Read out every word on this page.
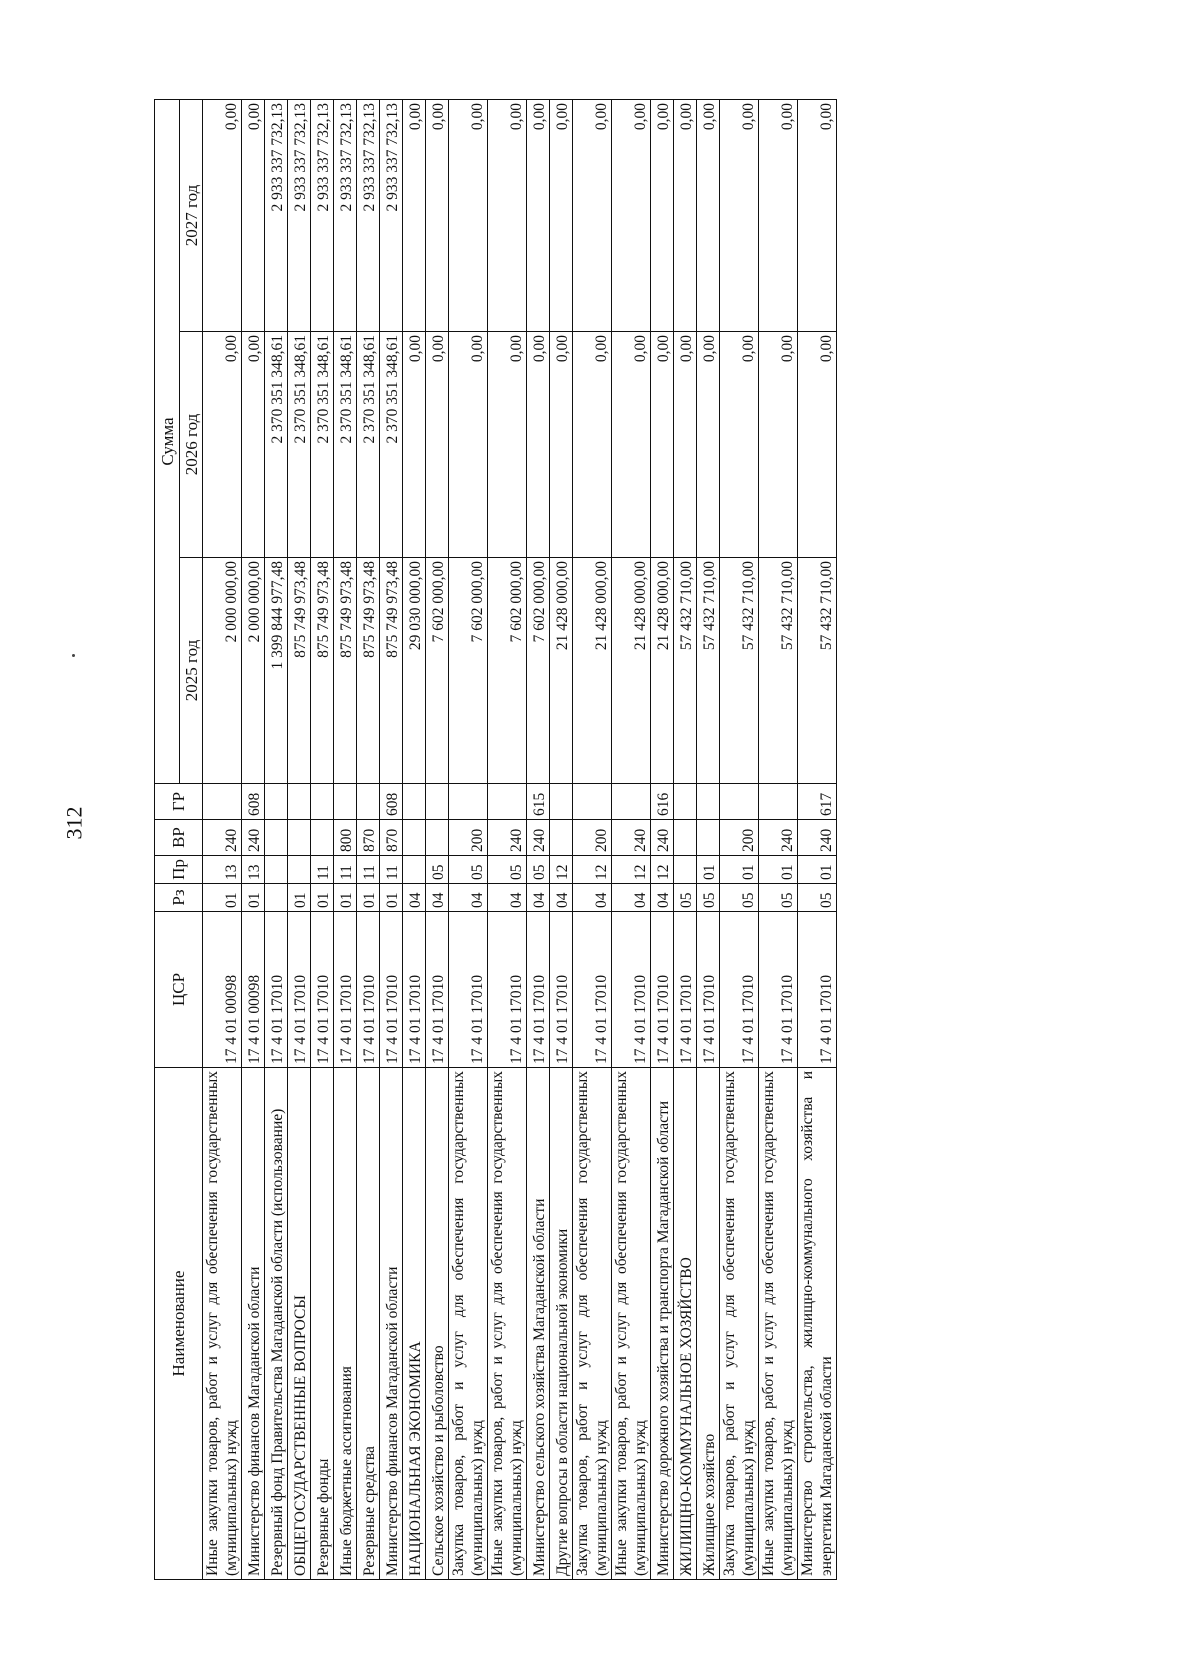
312
Наименование	ЦСР	Рз	Пр	ВР	ГР	Сумма		
						2025 год	2026 год	2027 год
Иные закупки товаров, работ и услуг для обеспечения государственных (муниципальных) нужд	17 4 01 00098	01	13	240		2 000 000,00	0,00	0,00
Министерство финансов Магаданской области	17 4 01 00098	01	13	240	608	2 000 000,00	0,00	0,00
Резервный фонд Правительства Магаданской области (использование)	17 4 01 17010					1 399 844 977,48	2 370 351 348,61	2 933 337 732,13
ОБЩЕГОСУДАРСТВЕННЫЕ ВОПРОСЫ	17 4 01 17010	01				875 749 973,48	2 370 351 348,61	2 933 337 732,13
Резервные фонды	17 4 01 17010	01	11			875 749 973,48	2 370 351 348,61	2 933 337 732,13
Иные бюджетные ассигнования	17 4 01 17010	01	11	800		875 749 973,48	2 370 351 348,61	2 933 337 732,13
Резервные средства	17 4 01 17010	01	11	870		875 749 973,48	2 370 351 348,61	2 933 337 732,13
Министерство финансов Магаданской области	17 4 01 17010	01	11	870	608	875 749 973,48	2 370 351 348,61	2 933 337 732,13
НАЦИОНАЛЬНАЯ ЭКОНОМИКА	17 4 01 17010	04				29 030 000,00	0,00	0,00
Сельское хозяйство и рыболовство	17 4 01 17010	04	05			7 602 000,00	0,00	0,00
Закупка товаров, работ и услуг для обеспечения государственных (муниципальных) нужд	17 4 01 17010	04	05	200		7 602 000,00	0,00	0,00
Иные закупки товаров, работ и услуг для обеспечения государственных (муниципальных) нужд	17 4 01 17010	04	05	240		7 602 000,00	0,00	0,00
Министерство сельского хозяйства Магаданской области	17 4 01 17010	04	05	240	615	7 602 000,00	0,00	0,00
Другие вопросы в области национальной экономики	17 4 01 17010	04	12			21 428 000,00	0,00	0,00
Закупка товаров, работ и услуг для обеспечения государственных (муниципальных) нужд	17 4 01 17010	04	12	200		21 428 000,00	0,00	0,00
Иные закупки товаров, работ и услуг для обеспечения государственных (муниципальных) нужд	17 4 01 17010	04	12	240		21 428 000,00	0,00	0,00
Министерство дорожного хозяйства и транспорта Магаданской области	17 4 01 17010	04	12	240	616	21 428 000,00	0,00	0,00
ЖИЛИЩНО-КОММУНАЛЬНОЕ ХОЗЯЙСТВО	17 4 01 17010	05				57 432 710,00	0,00	0,00
Жилищное хозяйство	17 4 01 17010	05	01			57 432 710,00	0,00	0,00
Закупка товаров, работ и услуг для обеспечения государственных (муниципальных) нужд	17 4 01 17010	05	01	200		57 432 710,00	0,00	0,00
Иные закупки товаров, работ и услуг для обеспечения государственных (муниципальных) нужд	17 4 01 17010	05	01	240		57 432 710,00	0,00	0,00
Министерство строительства, жилищно-коммунального хозяйства и энергетики Магаданской области	17 4 01 17010	05	01	240	617	57 432 710,00	0,00	0,00
